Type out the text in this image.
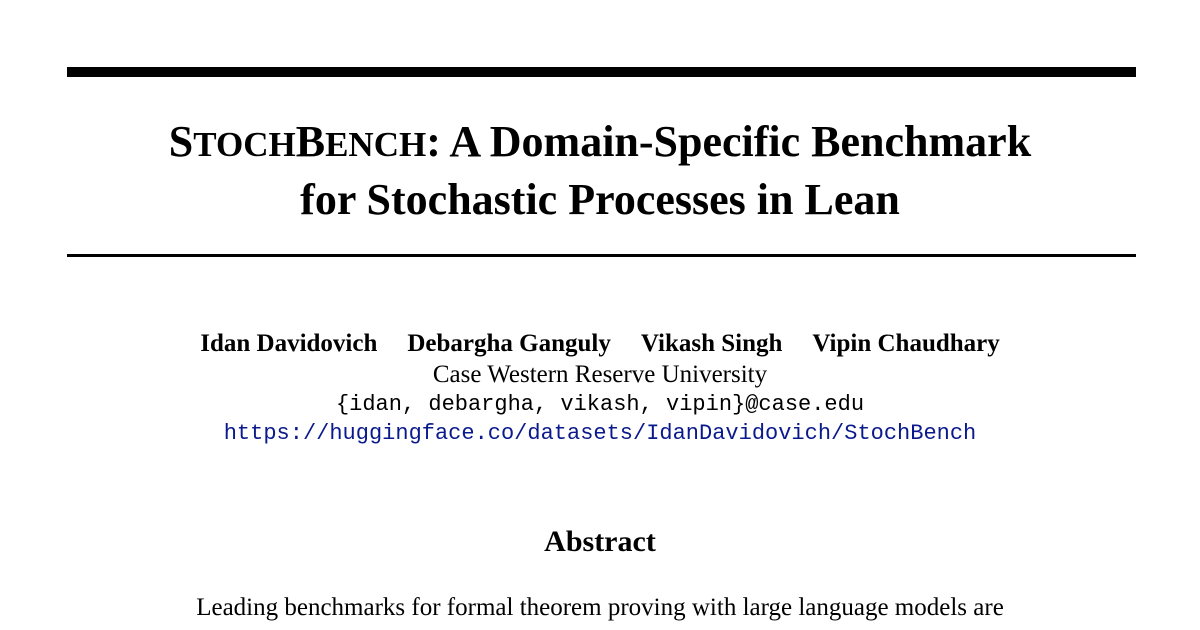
STOCHBENCH: A Domain-Specific Benchmark
for Stochastic Processes in Lean
Idan Davidovich Debargha Ganguly Vikash Singh Vipin Chaudhary
Case Western Reserve University
{idan, debargha, vikash, vipin}@case.edu
https://huggingface.co/datasets/IdanDavidovich/StochBench
Abstract
Leading benchmarks for formal theorem proving with large language models are
